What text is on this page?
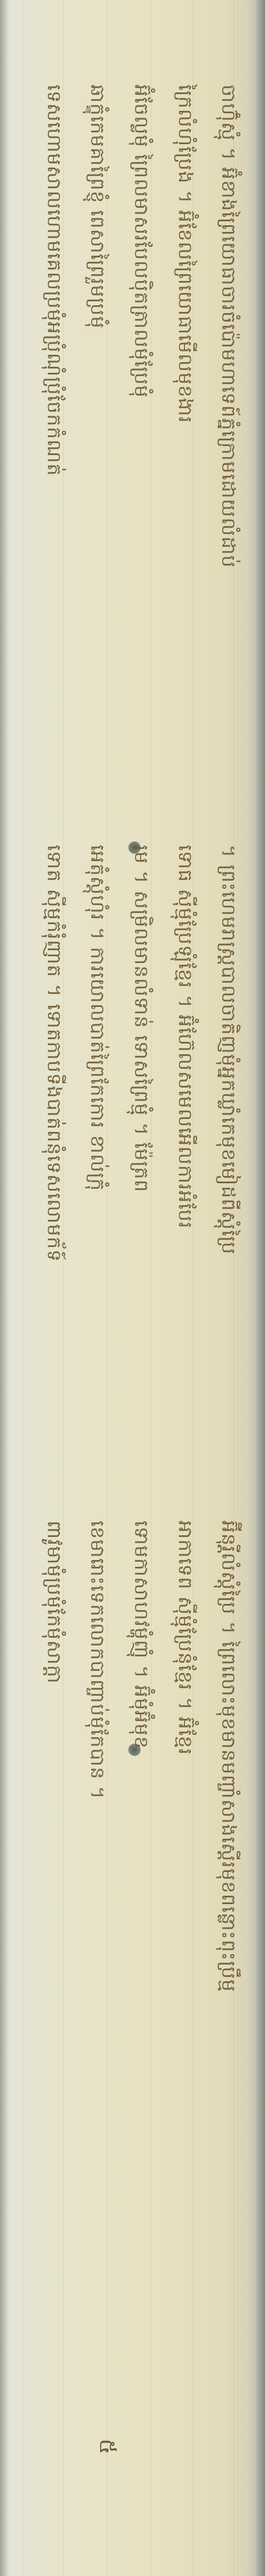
៥
ចាហ៊ុំស្មុំ ។ អ៊ំខាងព្រៃយោធាចារចំប៉ោមហាទេព៍ភ្នំក្រោមដោយលំដាប់
។ ព្រះហេមរាស្ត្របាលចាតិញមុំអ្នកឃ្លាំកេមុខមៀដពីស្តុំប្រៃ
អ៊ីនុរ្តីលំស្តុំប្រៃ ។ ព្រៃលោះមុខមានមញ្ចាំសាងស្តើរមុខពន្លោះពុះប្រឹម្ម
ក្រៃលំហុំប្រែង ។ អ៊ំខែលព្រៃយោធាមើលមុខងារ
ទោធ ស៊ីម្មុំប្រែឡុំខ្មែរ ។ អ៊ំហ៊ែលសមេលអើលការអំបែរ
អាកាទេព ស៊ីម្មុំប្រែនុំខ្មែរ ។ អ៊ំខ្មែរ
អ៊ំចែល្លមុំ ព្រៃលមាសរបែលប៉ិតត្រាលមុំប្រែមុំ
រម ។ សម្រិលមានលំទាន់ ទោសព្រៃម្មុំ ។ ម៉ែត្រព
ទោមកាសាហវម្ហុំញុំ ។ អ៊ំមុំអ៊ំមុខ
ឆាក្ខុំកេមគាព្រៃខ្ញុំ ពេសាព្រៃរួមប្រមុំ
អេតុំស្តុំហុំរ ។ ការយោលបាត់ព្រៃកែកោរ ខាល់ក្រុំ
ខេមារោះទេកលោកបាញ្ចាប់មុំកែបាន ។
ទេសហោមសាលហោមគេលប្រមុំអប្រុំណុំប្រុំចែកកំណត់
ទោត ស៊ីម្មកំរុំញាត ។ ទោតកាបទីងបាត់ពនុំទេសលោមក័ទ៍
ពាវូមាមុំប្រមុំកែមុំសាក្តា
